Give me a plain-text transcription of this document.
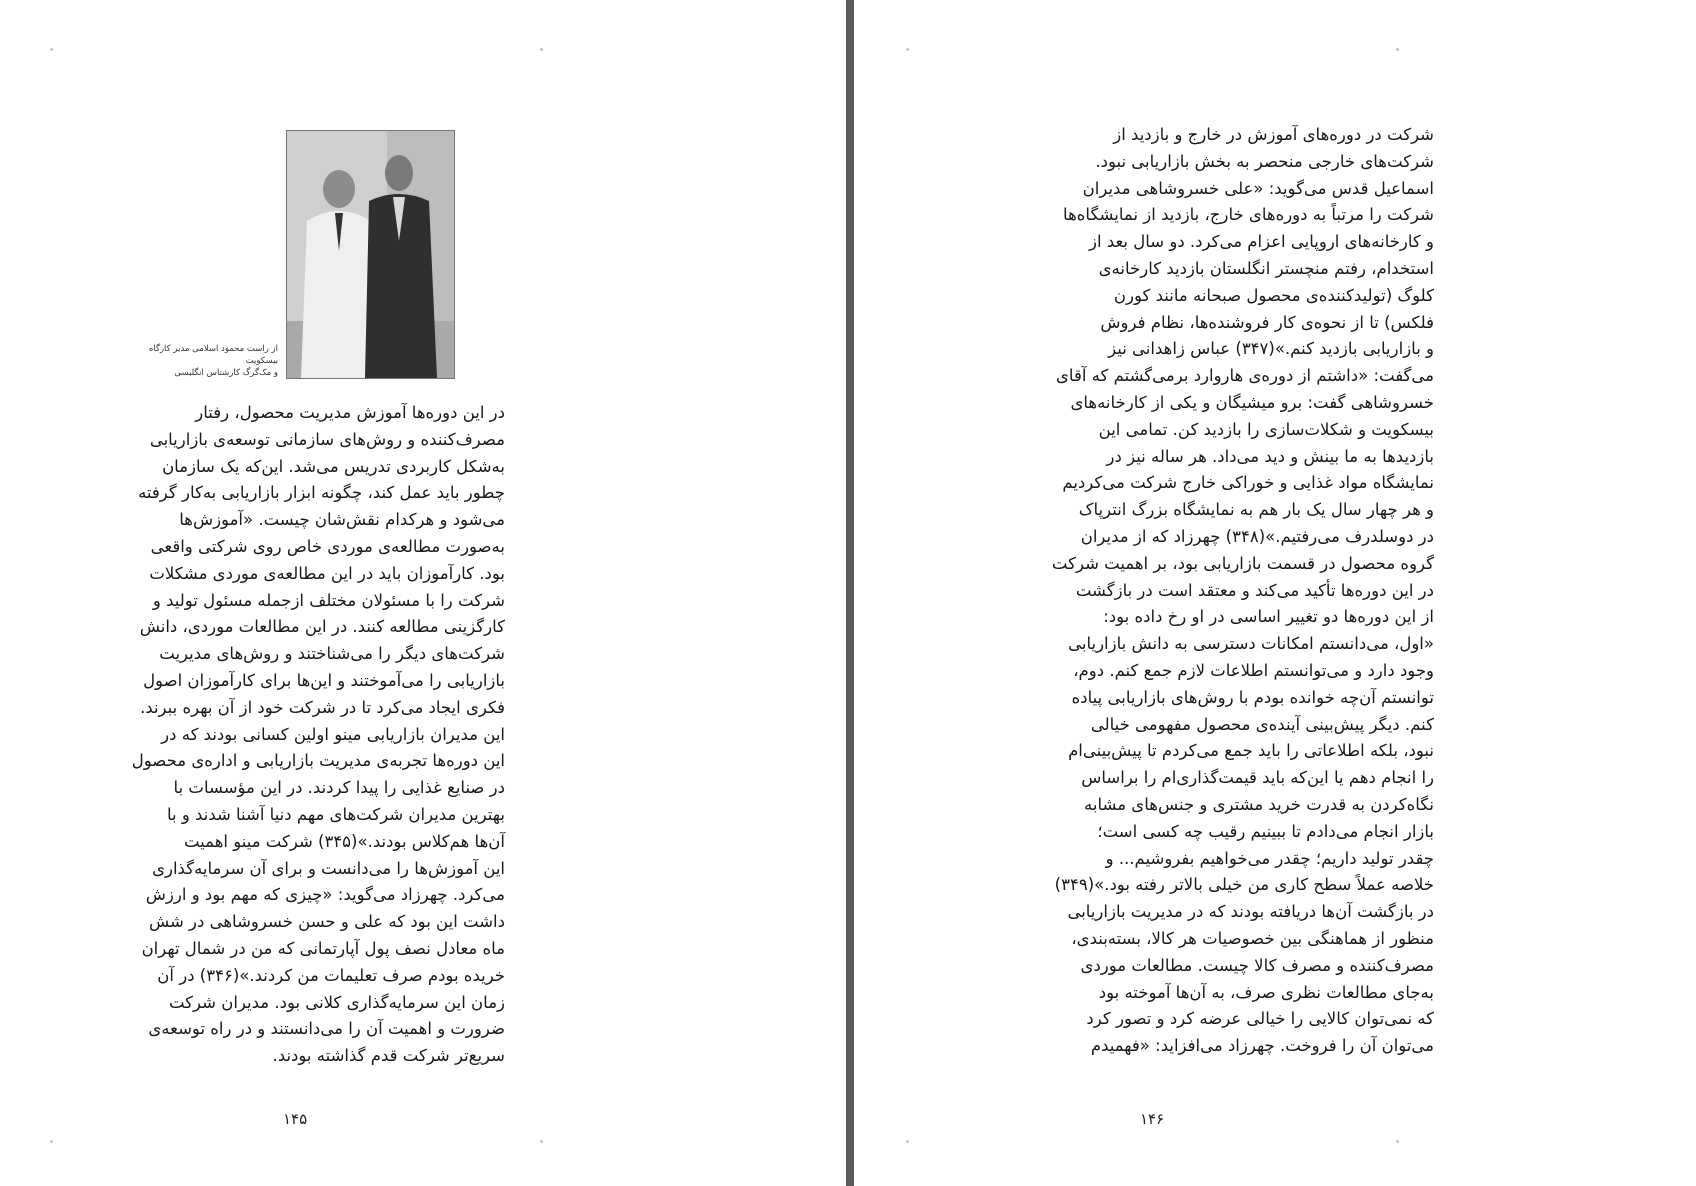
از راست محمود اسلامی مدیر کارگاه بیسکویت
و مک‌گرگ کارشناس انگلیسی
در این دوره‌ها آموزش مدیریت محصول، رفتار
مصرف‌کننده و روش‌های سازمانی توسعه‌ی بازاریابی
به‌شکل کاربردی تدریس می‌شد. این‌که یک سازمان
چطور باید عمل کند، چگونه ابزار بازاریابی به‌کار گرفته
می‌شود و هرکدام نقش‌شان چیست. «آموزش‌ها
به‌صورت مطالعه‌ی موردی خاص روی شرکتی واقعی
بود. کارآموزان باید در این مطالعه‌ی موردی مشکلات
شرکت را با مسئولان مختلف ازجمله مسئول تولید و
کارگزینی مطالعه کنند. در این مطالعات موردی، دانش
شرکت‌های دیگر را می‌شناختند و روش‌های مدیریت
بازاریابی را می‌آموختند و این‌ها برای کارآموزان اصول
فکری ایجاد می‌کرد تا در شرکت خود از آن بهره ببرند.
این مدیران بازاریابی مینو اولین کسانی بودند که در
این دوره‌ها تجربه‌ی مدیریت بازاریابی و اداره‌ی محصول
در صنایع غذایی را پیدا کردند. در این مؤسسات با
بهترین مدیران شرکت‌های مهم دنیا آشنا شدند و با
آن‌ها هم‌کلاس بودند.»(۳۴۵) شرکت مینو اهمیت
این آموزش‌ها را می‌دانست و برای آن سرمایه‌گذاری
می‌کرد. چهرزاد می‌گوید: «چیزی که مهم بود و ارزش
داشت این بود که علی و حسن خسروشاهی در شش
ماه معادل نصف پول آپارتمانی که من در شمال تهران
خریده بودم صرف تعلیمات من کردند.»(۳۴۶) در آن
زمان این سرمایه‌گذاری کلانی بود. مدیران شرکت
ضرورت و اهمیت آن را می‌دانستند و در راه توسعه‌ی
سریع‌تر شرکت قدم گذاشته بودند.
۱۴۵
شرکت در دوره‌های آموزش در خارج و بازدید از
شرکت‌های خارجی منحصر به بخش بازاریابی نبود.
اسماعیل قدس می‌گوید: «علی خسروشاهی مدیران
شرکت را مرتباً به دوره‌های خارج، بازدید از نمایشگاه‌ها
و کارخانه‌های اروپایی اعزام می‌کرد. دو سال بعد از
استخدام، رفتم منچستر انگلستان بازدید کارخانه‌ی
کلوگ (تولیدکننده‌ی محصول صبحانه مانند کورن
فلکس) تا از نحوه‌ی کار فروشنده‌ها، نظام فروش
و بازاریابی بازدید کنم.»(۳۴۷) عباس زاهدانی نیز
می‌گفت: «داشتم از دوره‌ی هاروارد برمی‌گشتم که آقای
خسروشاهی گفت: برو میشیگان و یکی از کارخانه‌های
بیسکویت و شکلات‌سازی را بازدید کن. تمامی این
بازدیدها به ما بینش و دید می‌داد. هر ساله نیز در
نمایشگاه مواد غذایی و خوراکی خارج شرکت می‌کردیم
و هر چهار سال یک بار هم به نمایشگاه بزرگ انترپاک
در دوسلدرف می‌رفتیم.»(۳۴۸) چهرزاد که از مدیران
گروه محصول در قسمت بازاریابی بود، بر اهمیت شرکت
در این دوره‌ها تأکید می‌کند و معتقد است در بازگشت
از این دوره‌ها دو تغییر اساسی در او رخ داده بود:
«اول، می‌دانستم امکانات دسترسی به دانش بازاریابی
وجود دارد و می‌توانستم اطلاعات لازم جمع کنم. دوم،
توانستم آن‌چه خوانده بودم با روش‌های بازاریابی پیاده
کنم. دیگر پیش‌بینی آینده‌ی محصول مفهومی خیالی
نبود، بلکه اطلاعاتی را باید جمع می‌کردم تا پیش‌بینی‌ام
را انجام دهم یا این‌که باید قیمت‌گذاری‌ام را براساس
نگاه‌کردن به قدرت خرید مشتری و جنس‌های مشابه
بازار انجام می‌دادم تا ببینیم رقیب چه کسی است؛
چقدر تولید داریم؛ چقدر می‌خواهیم بفروشیم... و
خلاصه عملاً سطح کاری من خیلی بالاتر رفته بود.»(۳۴۹)
در بازگشت آن‌ها دریافته بودند که در مدیریت بازاریابی
منظور از هماهنگی بین خصوصیات هر کالا، بسته‌بندی،
مصرف‌کننده و مصرف کالا چیست. مطالعات موردی
به‌جای مطالعات نظری صرف، به آن‌ها آموخته بود
که نمی‌توان کالایی را خیالی عرضه کرد و تصور کرد
می‌توان آن را فروخت. چهرزاد می‌افزاید: «فهمیدم
۱۴۶
